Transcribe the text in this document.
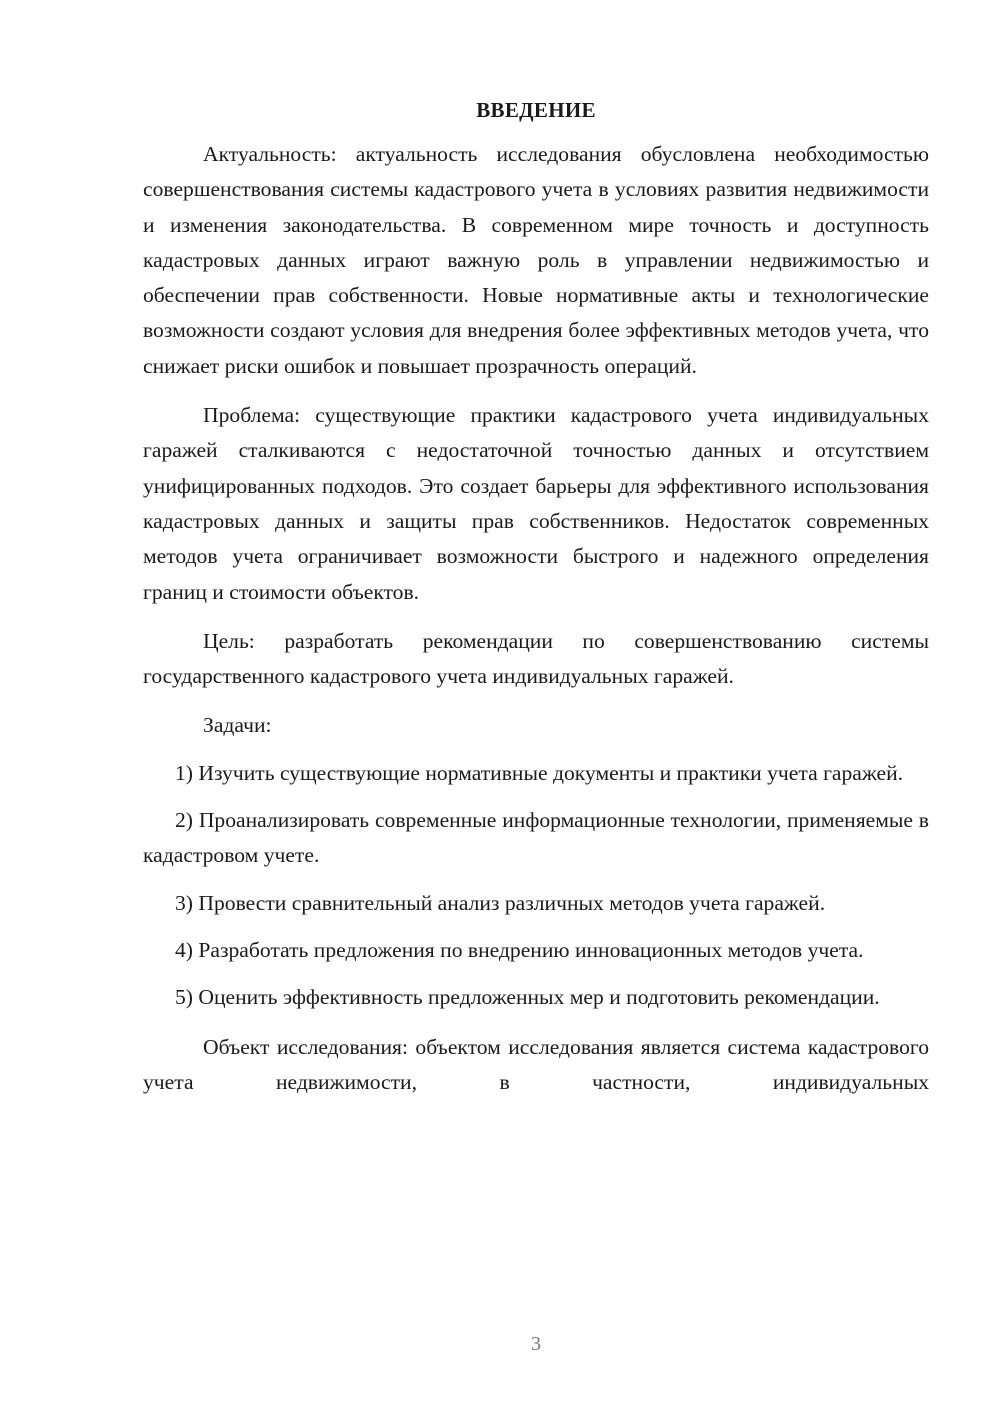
ВВЕДЕНИЕ

Актуальность: актуальность исследования обусловлена необходимостью совершенствования системы кадастрового учета в условиях развития недвижимости и изменения законодательства. В современном мире точность и доступность кадастровых данных играют важную роль в управлении недвижимостью и обеспечении прав собственности. Новые нормативные акты и технологические возможности создают условия для внедрения более эффективных методов учета, что снижает риски ошибок и повышает прозрачность операций.

Проблема: существующие практики кадастрового учета индивидуальных гаражей сталкиваются с недостаточной точностью данных и отсутствием унифицированных подходов. Это создает барьеры для эффективного использования кадастровых данных и защиты прав собственников. Недостаток современных методов учета ограничивает возможности быстрого и надежного определения границ и стоимости объектов.

Цель: разработать рекомендации по совершенствованию системы государственного кадастрового учета индивидуальных гаражей.

Задачи:

1) Изучить существующие нормативные документы и практики учета гаражей.

2) Проанализировать современные информационные технологии, применяемые в кадастровом учете.

3) Провести сравнительный анализ различных методов учета гаражей.

4) Разработать предложения по внедрению инновационных методов учета.

5) Оценить эффективность предложенных мер и подготовить рекомендации.

Объект исследования: объектом исследования является система кадастрового учета недвижимости, в частности, индивидуальных

3
